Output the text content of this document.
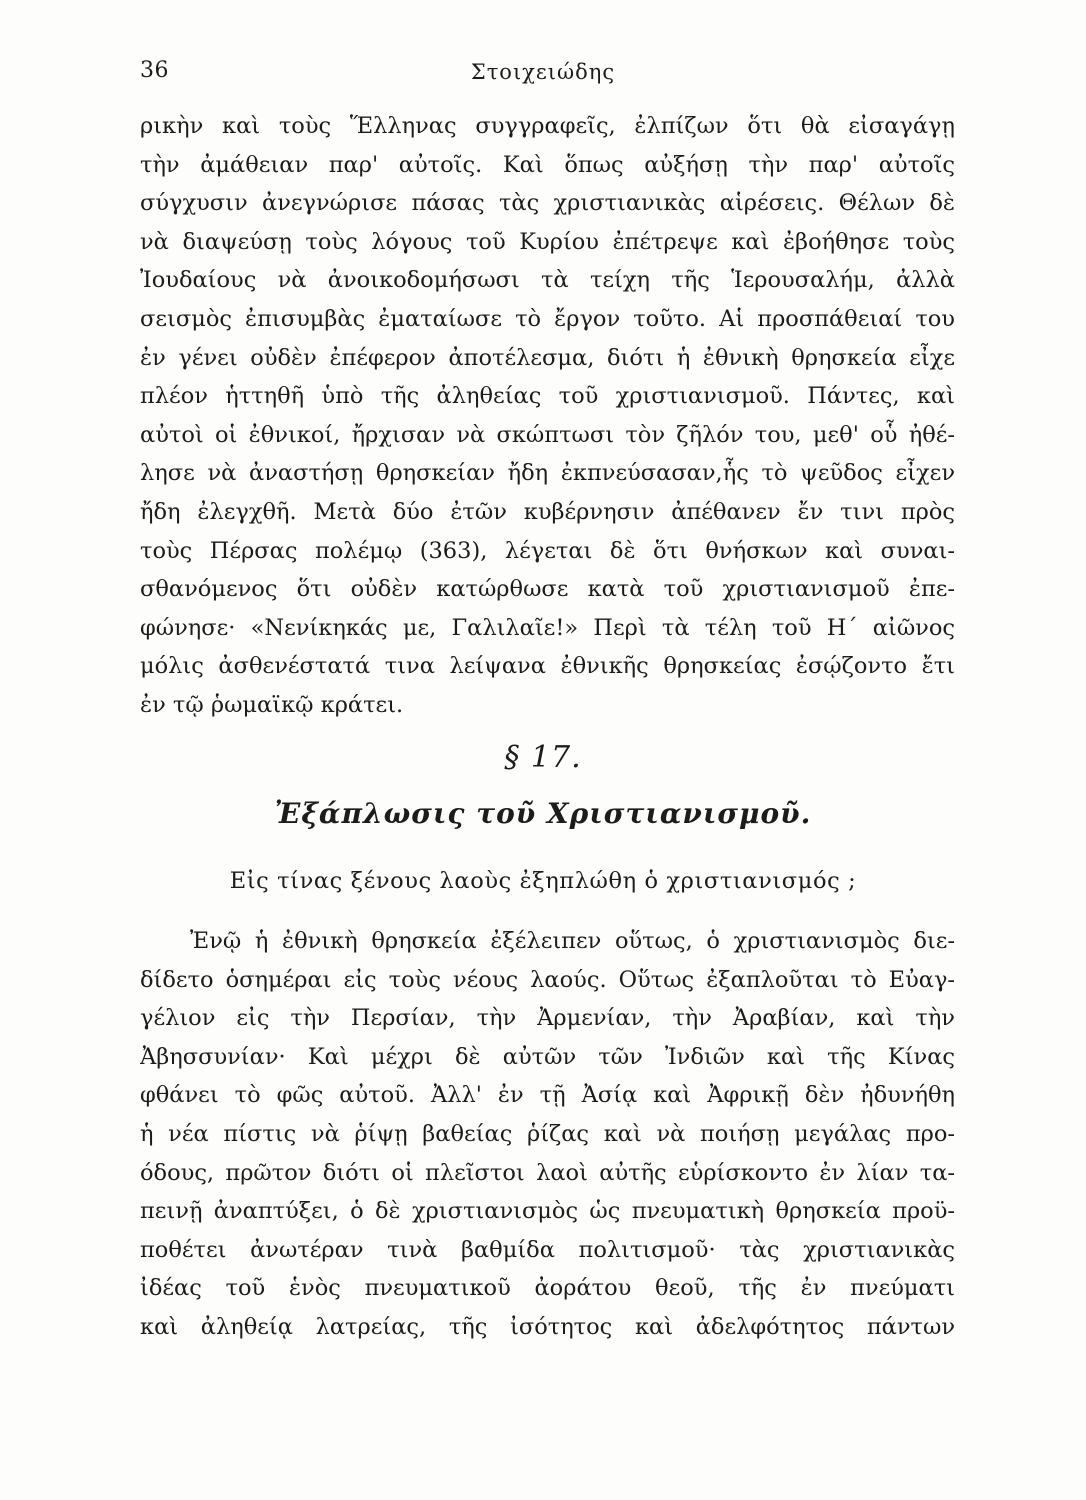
36	Στοιχειώδης
ρικὴν καὶ τοὺς Ἕλληνας συγγραφεῖς, ἐλπίζων ὅτι θὰ εἰσαγάγῃ
τὴν ἀμάθειαν παρ' αὐτοῖς. Καὶ ὅπως αὐξήσῃ τὴν παρ' αὐτοῖς
σύγχυσιν ἀνεγνώρισε πάσας τὰς χριστιανικὰς αἱρέσεις. Θέλων δὲ
νὰ διαψεύσῃ τοὺς λόγους τοῦ Κυρίου ἐπέτρεψε καὶ ἐβοήθησε τοὺς
Ἰουδαίους νὰ ἀνοικοδομήσωσι τὰ τείχη τῆς Ἱερουσαλήμ, ἀλλὰ
σεισμὸς ἐπισυμβὰς ἐματαίωσε τὸ ἔργον τοῦτο. Αἱ προσπάθειαί του
ἐν γένει οὐδὲν ἐπέφερον ἀποτέλεσμα, διότι ἡ ἐθνικὴ θρησκεία εἶχε
πλέον ἡττηθῆ ὑπὸ τῆς ἀληθείας τοῦ χριστιανισμοῦ. Πάντες, καὶ
αὐτοὶ οἱ ἐθνικοί, ἤρχισαν νὰ σκώπτωσι τὸν ζῆλόν του, μεθ' οὗ ἠθέ-
λησε νὰ ἀναστήσῃ θρησκείαν ἤδη ἐκπνεύσασαν,ἧς τὸ ψεῦδος εἶχεν
ἤδη ἐλεγχθῆ. Μετὰ δύο ἐτῶν κυβέρνησιν ἀπέθανεν ἔν τινι πρὸς
τοὺς Πέρσας πολέμῳ (363), λέγεται δὲ ὅτι θνήσκων καὶ συναι-
σθανόμενος ὅτι οὐδὲν κατώρθωσε κατὰ τοῦ χριστιανισμοῦ ἐπε-
φώνησε· «Νενίκηκάς με, Γαλιλαῖε!» Περὶ τὰ τέλη τοῦ Η΄ αἰῶνος
μόλις ἀσθενέστατά τινα λείψανα ἐθνικῆς θρησκείας ἐσῴζοντο ἔτι
ἐν τῷ ῥωμαϊκῷ κράτει.
§ 17.
Ἐξάπλωσις τοῦ Χριστιανισμοῦ.
Εἰς τίνας ξένους λαοὺς ἐξηπλώθη ὁ χριστιανισμός ;
Ἐνῷ ἡ ἐθνικὴ θρησκεία ἐξέλειπεν οὕτως, ὁ χριστιανισμὸς διε-
δίδετο ὁσημέραι εἰς τοὺς νέους λαούς. Οὕτως ἐξαπλοῦται τὸ Εὐαγ-
γέλιον εἰς τὴν Περσίαν, τὴν Ἀρμενίαν, τὴν Ἀραβίαν, καὶ τὴν
Ἀβησσυνίαν· Καὶ μέχρι δὲ αὐτῶν τῶν Ἰνδιῶν καὶ τῆς Κίνας
φθάνει τὸ φῶς αὐτοῦ. Ἀλλ' ἐν τῇ Ἀσίᾳ καὶ Ἀφρικῇ δὲν ἠδυνήθη
ἡ νέα πίστις νὰ ῥίψῃ βαθείας ῥίζας καὶ νὰ ποιήσῃ μεγάλας προ-
όδους, πρῶτον διότι οἱ πλεῖστοι λαοὶ αὐτῆς εὑρίσκοντο ἐν λίαν τα-
πεινῇ ἀναπτύξει, ὁ δὲ χριστιανισμὸς ὡς πνευματικὴ θρησκεία προϋ-
ποθέτει ἀνωτέραν τινὰ βαθμίδα πολιτισμοῦ· τὰς χριστιανικὰς
ἰδέας τοῦ ἑνὸς πνευματικοῦ ἀοράτου θεοῦ, τῆς ἐν πνεύματι
καὶ ἀληθείᾳ λατρείας, τῆς ἰσότητος καὶ ἀδελφότητος πάντων
